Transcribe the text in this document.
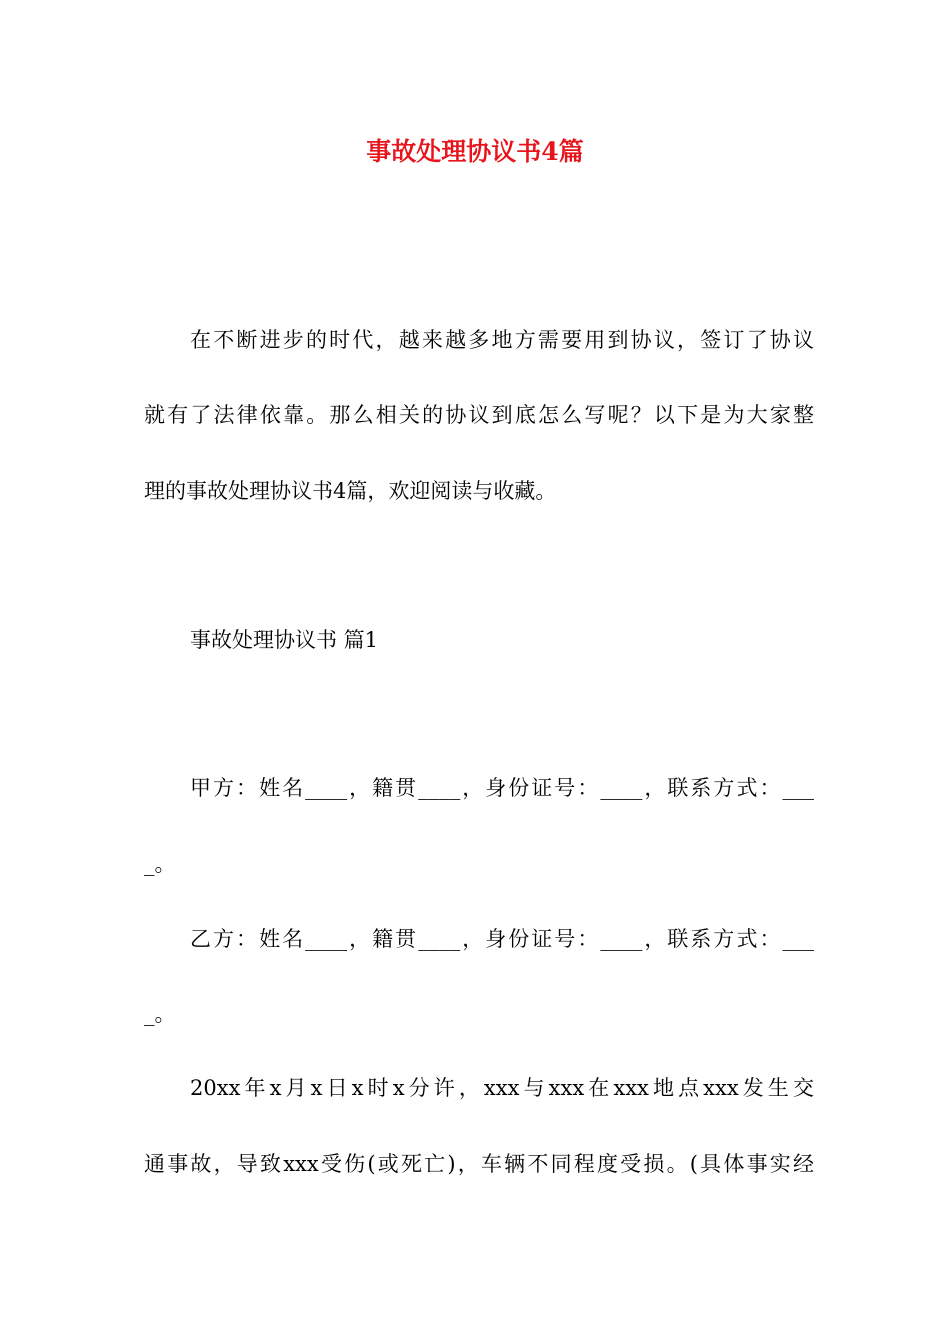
事故处理协议书4篇
在不断进步的时代，越来越多地方需要用到协议，签订了协议
就有了法律依靠。那么相关的协议到底怎么写呢？以下是为大家整
理的事故处理协议书4篇，欢迎阅读与收藏。
事故处理协议书 篇1
甲方：姓名____，籍贯____，身份证号：____，联系方式：___
_。
乙方：姓名____，籍贯____，身份证号：____，联系方式：___
_。
20xx年x月x日x时x分许，xxx与xxx在xxx地点xxx发生交
通事故，导致xxx受伤(或死亡)，车辆不同程度受损。(具体事实经
